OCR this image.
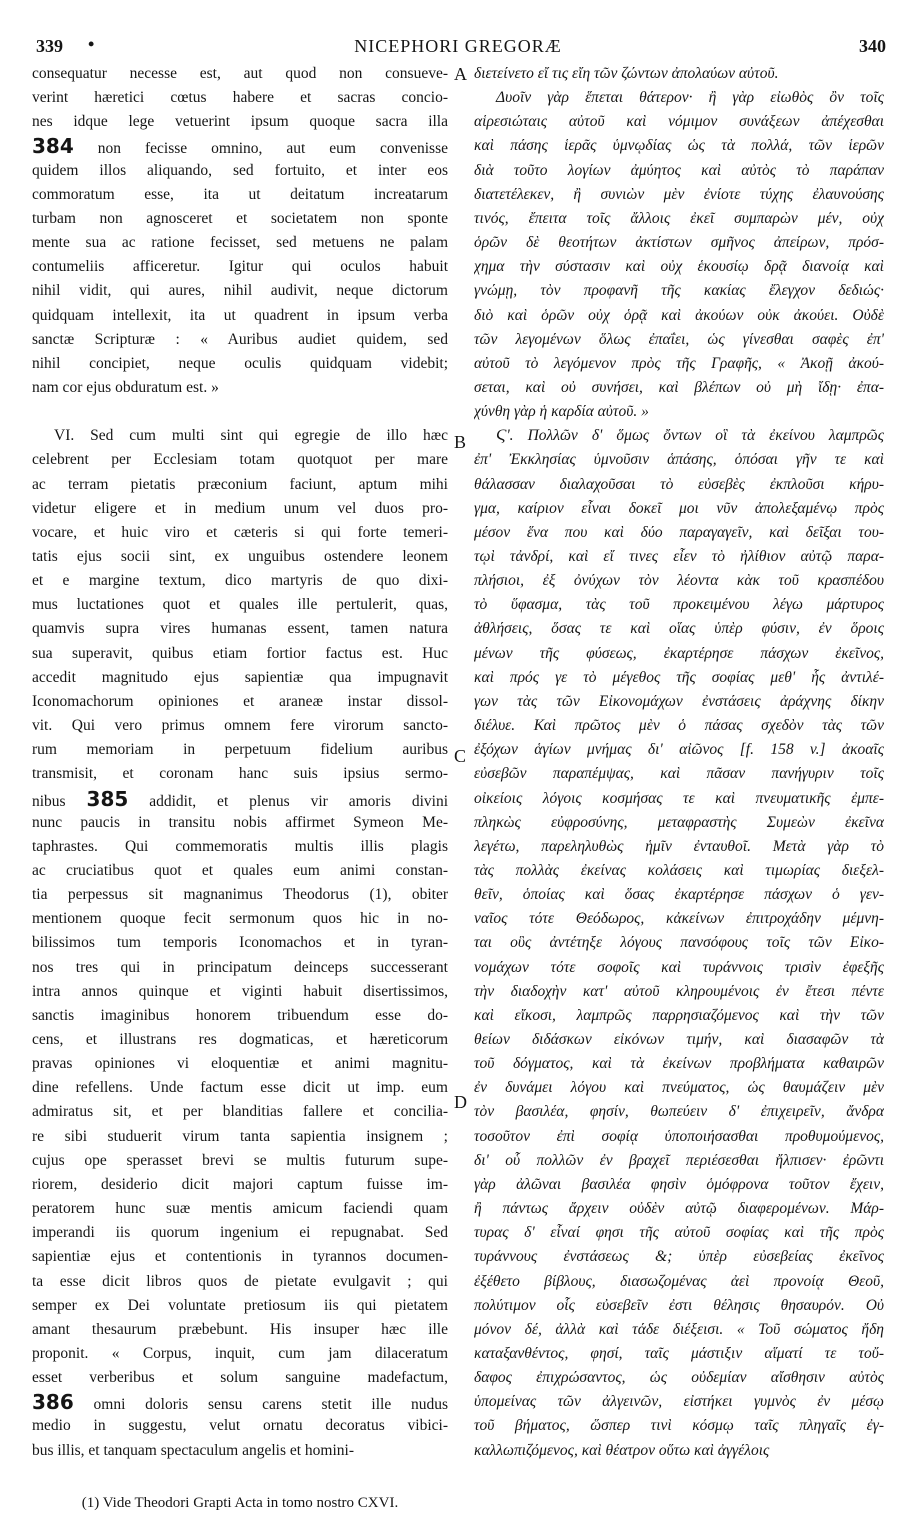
339 •	NICEPHORI GREGORÆ	340
consequatur necesse est, aut quod non consueve-
verint hæretici cœtus habere et sacras concio-
nes idque lege vetuerint ipsum quoque sacra illa
384 non fecisse omnino, aut eum convenisse
quidem illos aliquando, sed fortuito, et inter eos
commoratum esse, ita ut deitatum increatarum
turbam non agnosceret et societatem non sponte
mente sua ac ratione fecisset, sed metuens ne palam
contumeliis afficeretur. Igitur qui oculos habuit
nihil vidit, qui aures, nihil audivit, neque dictorum
quidquam intellexit, ita ut quadrent in ipsum verba
sanctæ Scripturæ : « Auribus audiet quidem, sed
nihil concipiet, neque oculis quidquam videbit;
nam cor ejus obduratum est. »
VI. Sed cum multi sint qui egregie de illo hæc
celebrent per Ecclesiam totam quotquot per mare
ac terram pietatis præconium faciunt, aptum mihi
videtur eligere et in medium unum vel duos pro-
vocare, et huic viro et cæteris si qui forte temeri-
tatis ejus socii sint, ex unguibus ostendere leonem
et e margine textum, dico martyris de quo dixi-
mus luctationes quot et quales ille pertulerit, quas,
quamvis supra vires humanas essent, tamen natura
sua superavit, quibus etiam fortior factus est. Huc
accedit magnitudo ejus sapientiæ qua impugnavit
Iconomachorum opiniones et araneæ instar dissol-
vit. Qui vero primus omnem fere virorum sancto-
rum memoriam in perpetuum fidelium auribus
transmisit, et coronam hanc suis ipsius sermo-
nibus 385 addidit, et plenus vir amoris divini
nunc paucis in transitu nobis affirmet Symeon Me-
taphrastes. Qui commemoratis multis illis plagis
ac cruciatibus quot et quales eum animi constan-
tia perpessus sit magnanimus Theodorus (1), obiter
mentionem quoque fecit sermonum quos hic in no-
bilissimos tum temporis Iconomachos et in tyran-
nos tres qui in principatum deinceps successerant
intra annos quinque et viginti habuit disertissimos,
sanctis imaginibus honorem tribuendum esse do-
cens, et illustrans res dogmaticas, et hæreticorum
pravas opiniones vi eloquentiæ et animi magnitu-
dine refellens. Unde factum esse dicit ut imp. eum
admiratus sit, et per blanditias fallere et concilia-
re sibi studuerit virum tanta sapientia insignem ;
cujus ope sperasset brevi se multis futurum supe-
riorem, desiderio dicit majori captum fuisse im-
peratorem hunc suæ mentis amicum faciendi quam
imperandi iis quorum ingenium ei repugnabat. Sed
sapientiæ ejus et contentionis in tyrannos documen-
ta esse dicit libros quos de pietate evulgavit ; qui
semper ex Dei voluntate pretiosum iis qui pietatem
amant thesaurum præbebunt. His insuper hæc ille
proponit. « Corpus, inquit, cum jam dilaceratum
esset verberibus et solum sanguine madefactum,
386 omni doloris sensu carens stetit ille nudus
medio in suggestu, velut ornatu decoratus vibici-
bus illis, et tanquam spectaculum angelis et homini-
διετείνετο εἴ τις εἴη τῶν ζώντων ἀπολαύων αὐτοῦ.
Δυοῖν γὰρ ἕπεται θάτερον· ἢ γὰρ εἰωθὸς ὂν τοῖς
αἱρεσιώταις αὐτοῦ καὶ νόμιμον συνάξεων ἀπέχεσθαι
καὶ πάσης ἱερᾶς ὑμνῳδίας ὡς τὰ πολλά, τῶν ἱερῶν
διὰ τοῦτο λογίων ἀμύητος καὶ αὐτὸς τὸ παράπαν
διατετέλεκεν, ἢ συνιὼν μὲν ἐνίοτε τύχης ἐλαυνούσης
τινός, ἔπειτα τοῖς ἄλλοις ἐκεῖ συμπαρὼν μέν, οὐχ
ὁρῶν δὲ θεοτήτων ἀκτίστων σμῆνος ἀπείρων, πρόσ-
χημα τὴν σύστασιν καὶ οὐχ ἑκουσίῳ δρᾷ διανοίᾳ καὶ
γνώμῃ, τὸν προφανῆ τῆς κακίας ἔλεγχον δεδιώς·
διὸ καὶ ὁρῶν οὐχ ὁρᾷ καὶ ἀκούων οὐκ ἀκούει. Οὐδὲ
τῶν λεγομένων ὅλως ἐπαΐει, ὡς γίνεσθαι σαφὲς ἐπ'
αὐτοῦ τὸ λεγόμενον πρὸς τῆς Γραφῆς, « Ἀκοῇ ἀκού-
σεται, καὶ οὐ συνήσει, καὶ βλέπων οὐ μὴ ἴδῃ· ἐπα-
χύνθη γὰρ ἡ καρδία αὐτοῦ. »
Ϛ'. Πολλῶν δ' ὅμως ὄντων οἳ τὰ ἐκείνου λαμπρῶς
ἐπ' Ἐκκλησίας ὑμνοῦσιν ἁπάσης, ὁπόσαι γῆν τε καὶ
θάλασσαν διαλαχοῦσαι τὸ εὐσεβὲς ἐκπλοῦσι κήρυ-
γμα, καίριον εἶναι δοκεῖ μοι νῦν ἀπολεξαμένῳ πρὸς
μέσον ἕνα που καὶ δύο παραγαγεῖν, καὶ δεῖξαι του-
τῳὶ τἀνδρί, καὶ εἴ τινες εἶεν τὸ ἠλίθιον αὐτῷ παρα-
πλήσιοι, ἐξ ὀνύχων τὸν λέοντα κὰκ τοῦ κρασπέδου
τὸ ὕφασμα, τὰς τοῦ προκειμένου λέγω μάρτυρος
ἀθλήσεις, ὅσας τε καὶ οἵας ὑπὲρ φύσιν, ἐν ὅροις
μένων τῆς φύσεως, ἐκαρτέρησε πάσχων ἐκεῖνος,
καὶ πρός γε τὸ μέγεθος τῆς σοφίας μεθ' ἧς ἀντιλέ-
γων τὰς τῶν Εἰκονομάχων ἐνστάσεις ἀράχνης δίκην
διέλυε. Καὶ πρῶτος μὲν ὁ πάσας σχεδὸν τὰς τῶν
ἐξόχων ἁγίων μνήμας δι' αἰῶνος [f. 158 v.] ἀκοαῖς
εὐσεβῶν παραπέμψας, καὶ πᾶσαν πανήγυριν τοῖς
οἰκείοις λόγοις κοσμήσας τε καὶ πνευματικῆς ἐμπε-
πληκὼς εὐφροσύνης, μεταφραστὴς Συμεὼν ἐκεῖνα
λεγέτω, παρεληλυθὼς ἡμῖν ἐνταυθοῖ. Μετὰ γὰρ τὸ
τὰς πολλὰς ἐκείνας κολάσεις καὶ τιμωρίας διεξελ-
θεῖν, ὁποίας καὶ ὅσας ἐκαρτέρησε πάσχων ὁ γεν-
ναῖος τότε Θεόδωρος, κἀκείνων ἐπιτροχάδην μέμνη-
ται οὓς ἀντέτηξε λόγους πανσόφους τοῖς τῶν Εἰκο-
νομάχων τότε σοφοῖς καὶ τυράννοις τρισὶν ἐφεξῆς
τὴν διαδοχὴν κατ' αὐτοῦ κληρουμένοις ἐν ἔτεσι πέντε
καὶ εἴκοσι, λαμπρῶς παρρησιαζόμενος καὶ τὴν τῶν
θείων διδάσκων εἰκόνων τιμήν, καὶ διασαφῶν τὰ
τοῦ δόγματος, καὶ τὰ ἐκείνων προβλήματα καθαιρῶν
ἐν δυνάμει λόγου καὶ πνεύματος, ὡς θαυμάζειν μὲν
τὸν βασιλέα, φησίν, θωπεύειν δ' ἐπιχειρεῖν, ἄνδρα
τοσοῦτον ἐπὶ σοφίᾳ ὑποποιήσασθαι προθυμούμενος,
δι' οὗ πολλῶν ἐν βραχεῖ περιέσεσθαι ἤλπισεν· ἐρῶντι
γὰρ ἀλῶναι βασιλέα φησὶν ὁμόφρονα τοῦτον ἔχειν,
ἢ πάντως ἄρχειν οὐδὲν αὐτῷ διαφερομένων. Μάρ-
τυρας δ' εἶναί φησι τῆς αὐτοῦ σοφίας καὶ τῆς πρὸς
τυράννους ἐνστάσεως &; ὑπὲρ εὐσεβείας ἐκεῖνος
ἐξέθετο βίβλους, διασωζομένας ἀεὶ προνοίᾳ Θεοῦ,
πολύτιμον οἷς εὐσεβεῖν ἐστι θέλησις θησαυρόν. Οὐ
μόνον δέ, ἀλλὰ καὶ τάδε διέξεισι. « Τοῦ σώματος ἤδη
καταξανθέντος, φησί, ταῖς μάστιξιν αἵματί τε τοὔ-
δαφος ἐπιχρώσαντος, ὡς οὐδεμίαν αἴσθησιν αὐτὸς
ὑπομείνας τῶν ἀλγεινῶν, εἰστήκει γυμνὸς ἐν μέσῳ
τοῦ βήματος, ὥσπερ τινὶ κόσμῳ ταῖς πληγαῖς ἐγ-
καλλωπιζόμενος, καὶ θέατρον οὕτω καὶ ἀγγέλοις
A
B
C
D
(1) Vide Theodori Grapti Acta in tomo nostro CXVI.
